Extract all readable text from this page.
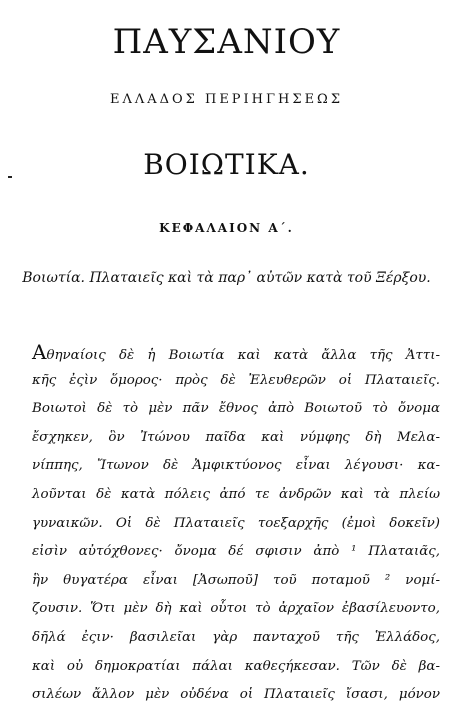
ΠΑΥΣΑΝΙΟΥ
ΕΛΛΑΔΟΣ ΠΕΡΙΗΓΗΣΕΩΣ
ΒΟΙΩΤΙΚΑ.
ΚΕΦΑΛΑΙΟΝ Α΄.
Βοιωτία. Πλαταιεῖς καὶ τὰ παρ᾽ αὐτῶν κατὰ τοῦ Ξέρξου.
Αθηναίοις δὲ ἡ Βοιωτία καὶ κατὰ ἄλλα τῆς Ἀττι-
κῆς ἐςὶν ὅμορος· πρὸς δὲ Ἐλευθερῶν οἱ Πλαταιεῖς.
Βοιωτοὶ δὲ τὸ μὲν πᾶν ἔθνος ἀπὸ Βοιωτοῦ τὸ ὄνομα
ἔσχηκεν, ὃν Ἰτώνου παῖδα καὶ νύμφης δὴ Μελα-
νίππης, Ἴτωνον δὲ Ἀμφικτύονος εἶναι λέγουσι· κα-
λοῦνται δὲ κατὰ πόλεις ἀπό τε ἀνδρῶν καὶ τὰ πλείω
γυναικῶν. Οἱ δὲ Πλαταιεῖς τοεξαρχῆς (ἐμοὶ δοκεῖν)
εἰσὶν αὐτόχθονες· ὄνομα δέ σφισιν ἀπὸ ¹ Πλαταιᾶς,
ἣν θυγατέρα εἶναι [Ἀσωποῦ] τοῦ ποταμοῦ ² νομί-
ζουσιν. Ὅτι μὲν δὴ καὶ οὗτοι τὸ ἀρχαῖον ἐβασίλευοντο,
δῆλά ἐςιν· βασιλεῖαι γὰρ πανταχοῦ τῆς Ἑλλάδος,
καὶ οὐ δημοκρατίαι πάλαι καθεςήκεσαν. Τῶν δὲ βα-
σιλέων ἄλλον μὲν οὐδένα οἱ Πλαταιεῖς ἴσασι, μόνον
